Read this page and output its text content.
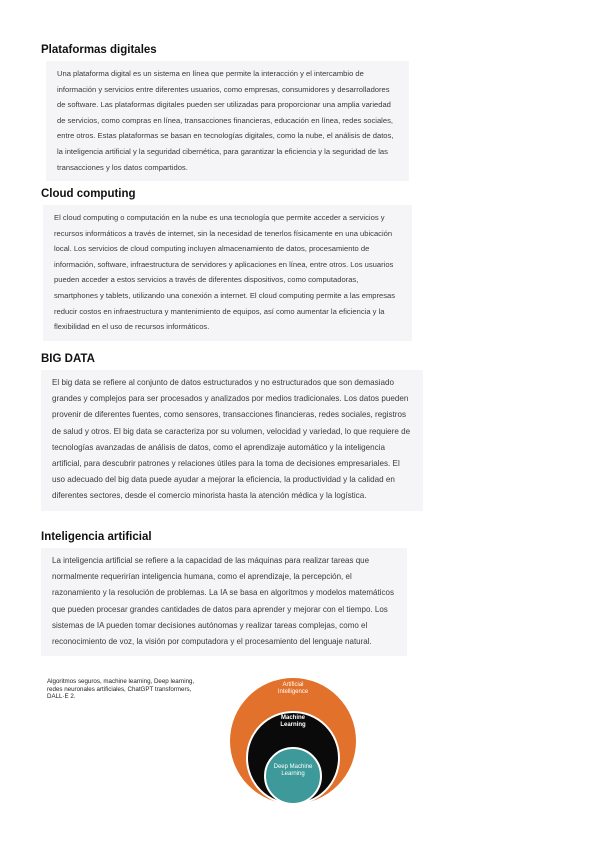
Plataformas digitales

Una plataforma digital es un sistema en línea que permite la interacción y el intercambio de información y servicios entre diferentes usuarios, como empresas, consumidores y desarrolladores de software. Las plataformas digitales pueden ser utilizadas para proporcionar una amplia variedad de servicios, como compras en línea, transacciones financieras, educación en línea, redes sociales, entre otros. Estas plataformas se basan en tecnologías digitales, como la nube, el análisis de datos, la inteligencia artificial y la seguridad cibernética, para garantizar la eficiencia y la seguridad de las transacciones y los datos compartidos.

Cloud computing

El cloud computing o computación en la nube es una tecnología que permite acceder a servicios y recursos informáticos a través de internet, sin la necesidad de tenerlos físicamente en una ubicación local. Los servicios de cloud computing incluyen almacenamiento de datos, procesamiento de información, software, infraestructura de servidores y aplicaciones en línea, entre otros. Los usuarios pueden acceder a estos servicios a través de diferentes dispositivos, como computadoras, smartphones y tablets, utilizando una conexión a internet. El cloud computing permite a las empresas reducir costos en infraestructura y mantenimiento de equipos, así como aumentar la eficiencia y la flexibilidad en el uso de recursos informáticos.

BIG DATA

El big data se refiere al conjunto de datos estructurados y no estructurados que son demasiado grandes y complejos para ser procesados y analizados por medios tradicionales. Los datos pueden provenir de diferentes fuentes, como sensores, transacciones financieras, redes sociales, registros de salud y otros. El big data se caracteriza por su volumen, velocidad y variedad, lo que requiere de tecnologías avanzadas de análisis de datos, como el aprendizaje automático y la inteligencia artificial, para descubrir patrones y relaciones útiles para la toma de decisiones empresariales. El uso adecuado del big data puede ayudar a mejorar la eficiencia, la productividad y la calidad en diferentes sectores, desde el comercio minorista hasta la atención médica y la logística.

Inteligencia artificial

La inteligencia artificial se refiere a la capacidad de las máquinas para realizar tareas que normalmente requerirían inteligencia humana, como el aprendizaje, la percepción, el razonamiento y la resolución de problemas. La IA se basa en algoritmos y modelos matemáticos que pueden procesar grandes cantidades de datos para aprender y mejorar con el tiempo. Los sistemas de IA pueden tomar decisiones autónomas y realizar tareas complejas, como el reconocimiento de voz, la visión por computadora y el procesamiento del lenguaje natural.

Algoritmos seguros, machine learning, Deep learning, redes neuronales artificiales, ChatGPT transformers, DALL·E 2.
Artificial Intelligence
Machine Learning
Deep Machine Learning
